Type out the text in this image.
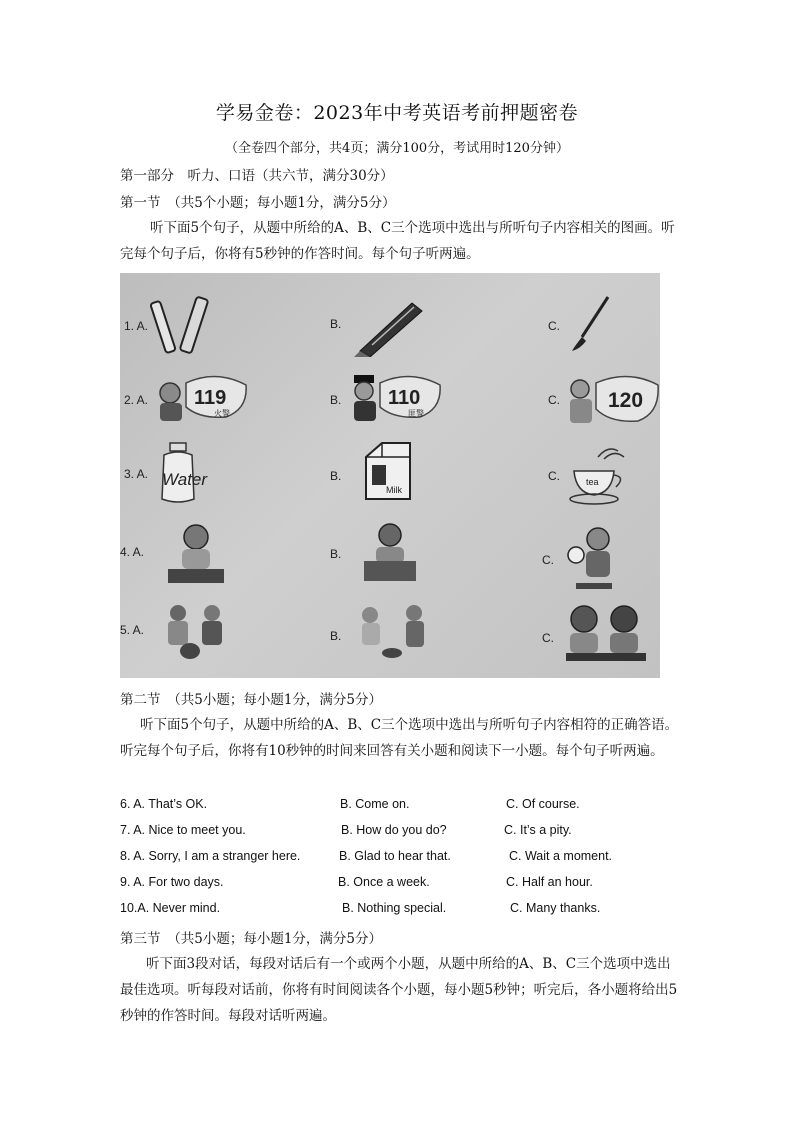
学易金卷：2023年中考英语考前押题密卷
（全卷四个部分，共4页；满分100分，考试用时120分钟）
第一部分　听力、口语（共六节，满分30分）
第一节　（共5个小题；每小题1分，满分5分）
听下面5个句子，从题中所给的A、B、C三个选项中选出与所听句子内容相关的图画。听完每个句子后，你将有5秒钟的作答时间。每个句子听两遍。
1. A.	B.	C.
2. A.	B.	C.
3. A.	B.	C.
4. A.	B.	C.
5. A.	B.	C.
119
火警
110
匪警
120
Water
Milk
tea
第二节　（共5小题；每小题1分，满分5分）
听下面5个句子，从题中所给的A、B、C三个选项中选出与所听句子内容相符的正确答语。听完每个句子后，你将有10秒钟的时间来回答有关小题和阅读下一小题。每个句子听两遍。
6. A. That’s OK.	B. Come on.	C. Of course.
7. A. Nice to meet you.	B. How do you do?	C. It’s a pity.
8. A. Sorry, I am a stranger here.	B. Glad to hear that.	C. Wait a moment.
9. A. For two days.	B. Once a week.	C. Half an hour.
10.A. Never mind.	B. Nothing special.	C. Many thanks.
第三节　（共5小题；每小题1分，满分5分）
听下面3段对话，每段对话后有一个或两个小题，从题中所给的A、B、C三个选项中选出最佳选项。听每段对话前，你将有时间阅读各个小题，每小题5秒钟；听完后，各小题将给出5秒钟的作答时间。每段对话听两遍。
